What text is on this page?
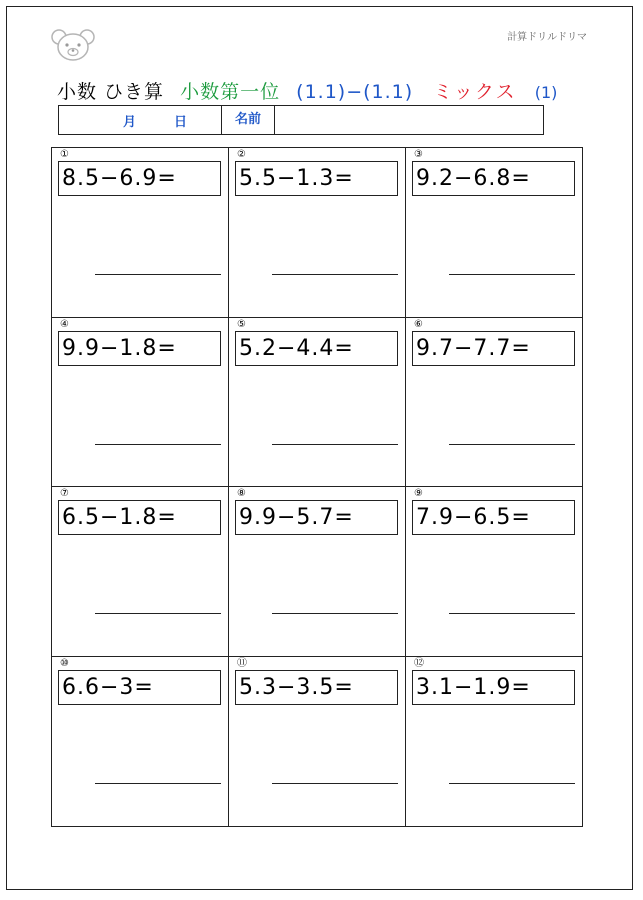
計算ドリルドリマ
小数 ひき算 小数第一位 (1.1)−(1.1) ミックス (1)
月	日	名前
①
8.5−6.9=
②
5.5−1.3=
③
9.2−6.8=
④
9.9−1.8=
⑤
5.2−4.4=
⑥
9.7−7.7=
⑦
6.5−1.8=
⑧
9.9−5.7=
⑨
7.9−6.5=
⑩
6.6−3=
⑪
5.3−3.5=
⑫
3.1−1.9=
